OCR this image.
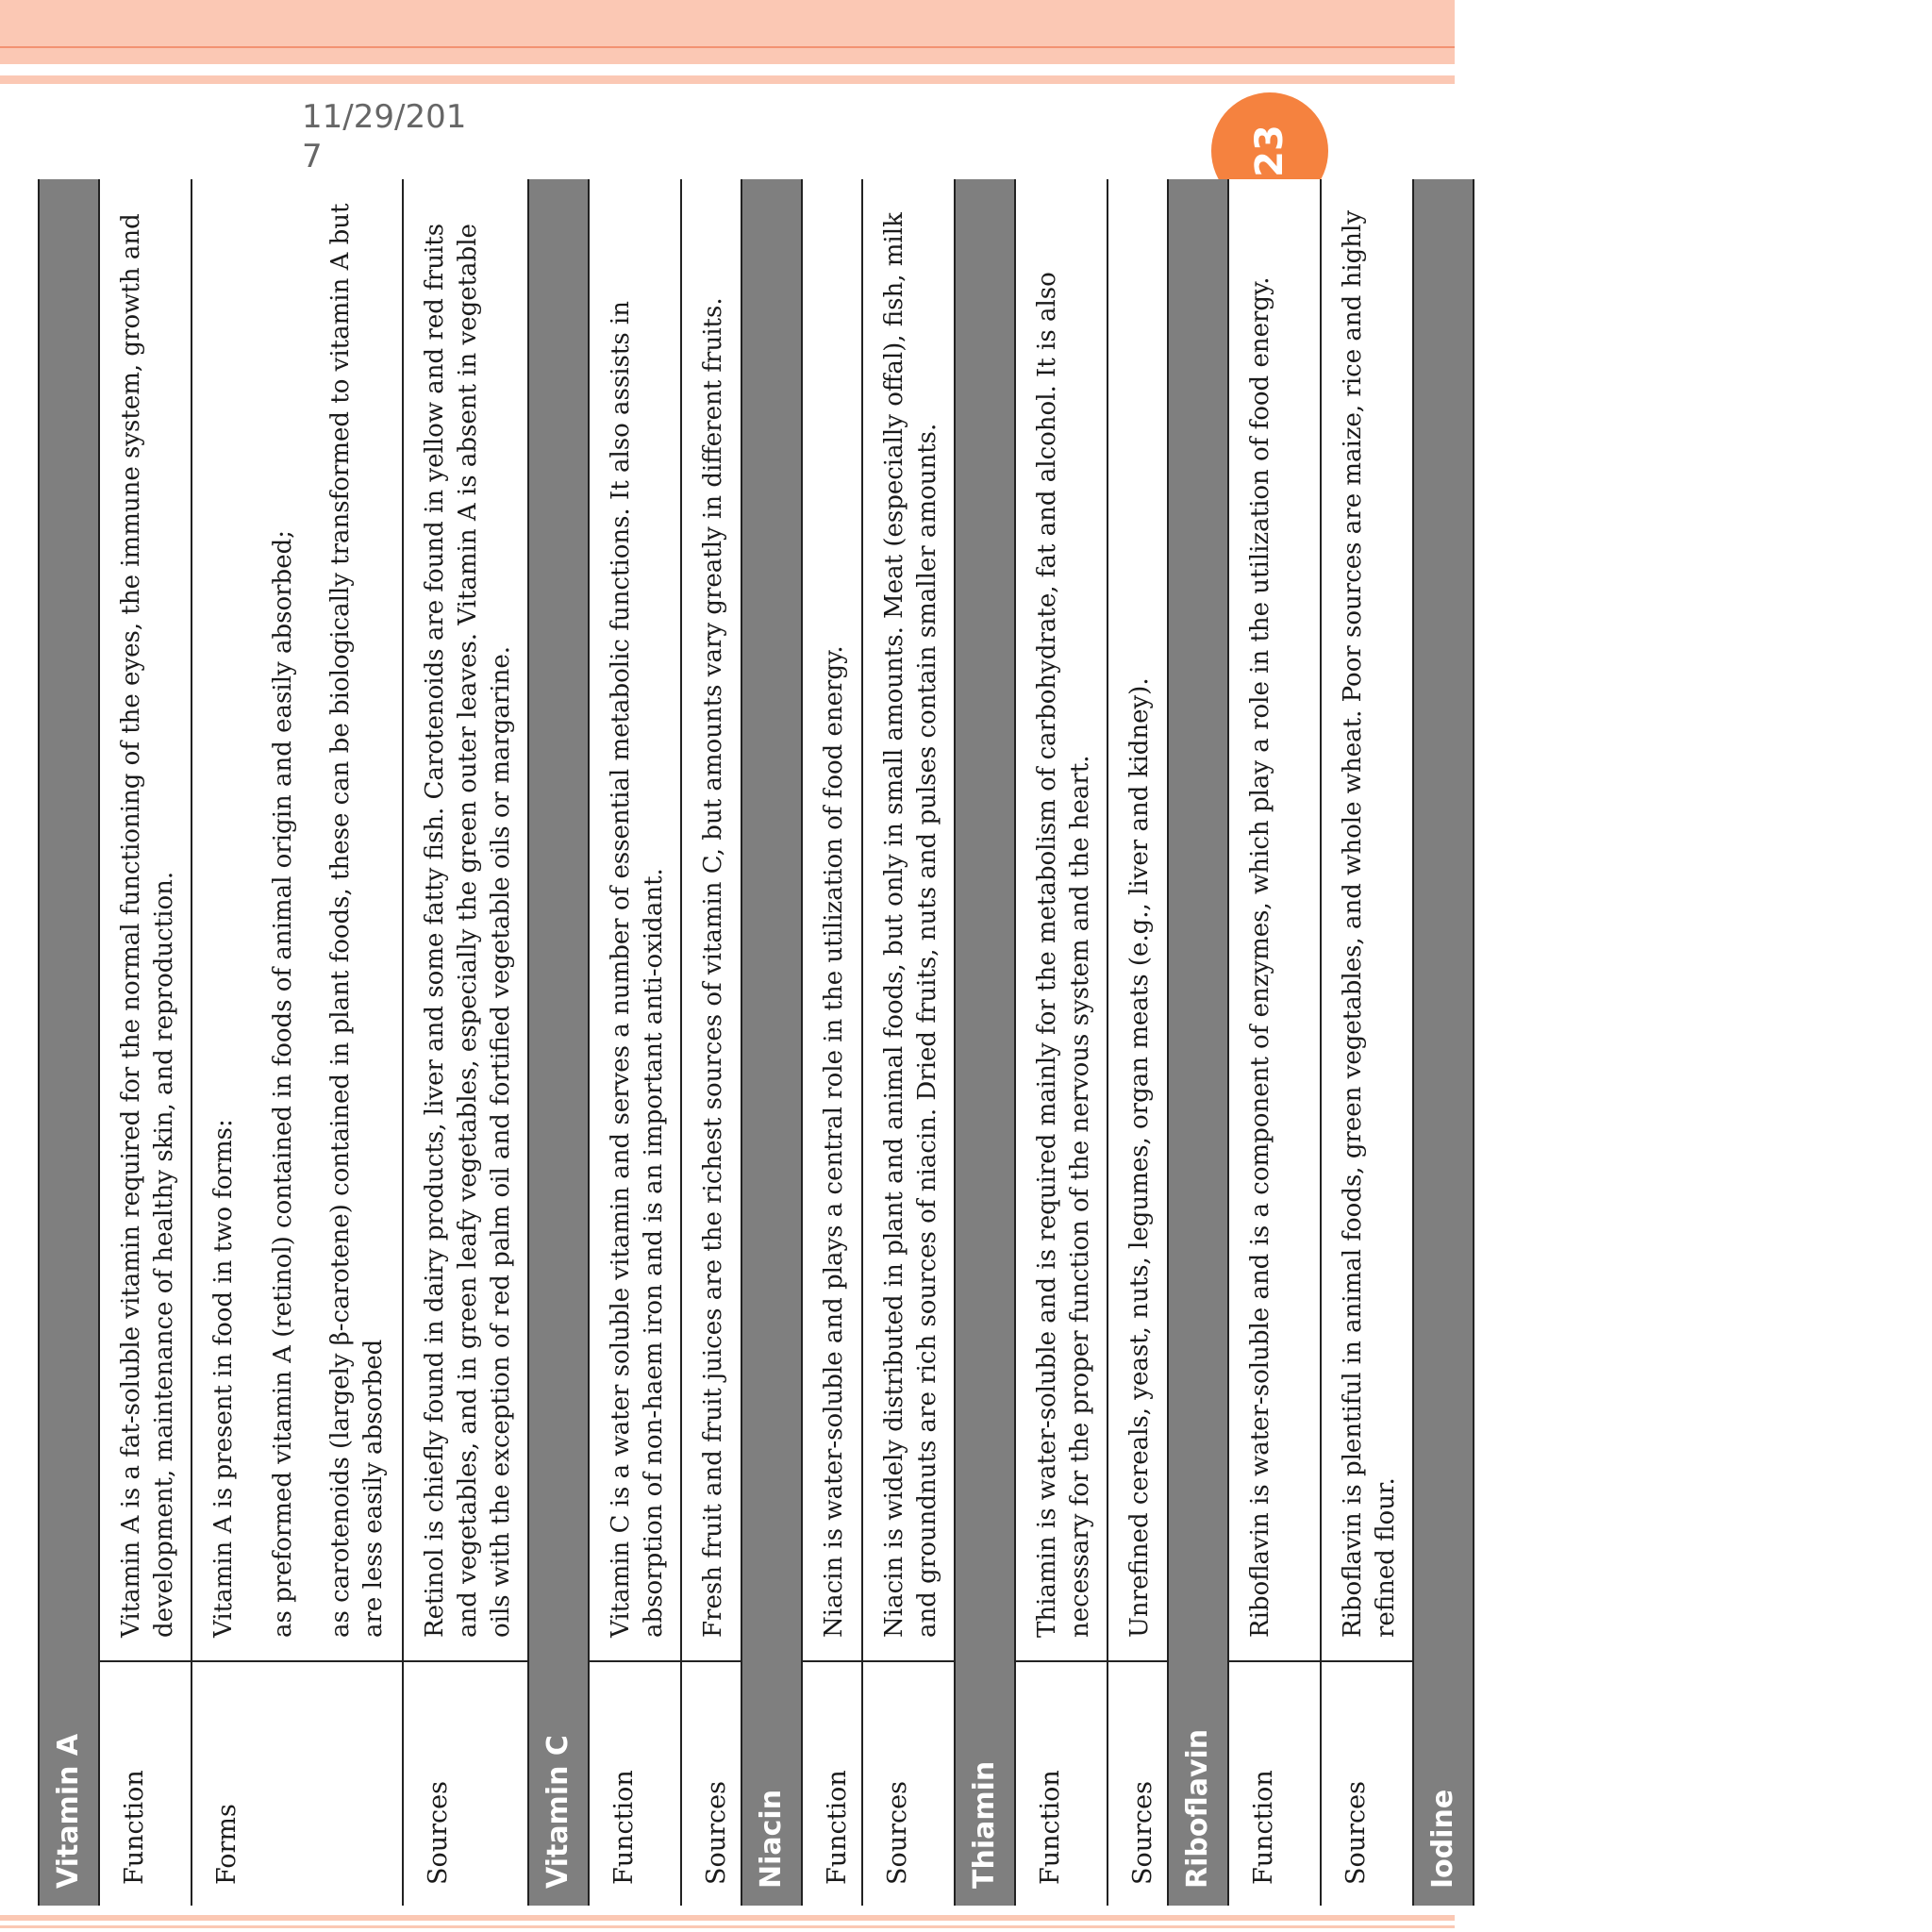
11/29/2017
Vitamin A	
Function	Vitamin A is a fat-soluble vitamin required for the normal functioning of the eyes, the immune system, growth and development, maintenance of healthy skin, and reproduction.
Forms	Vitamin A is present in food in two forms: as preformed vitamin A (retinol) contained in foods of animal origin and easily absorbed; as carotenoids (largely β-carotene) contained in plant foods, these can be biologically transformed to vitamin A but are less easily absorbed

Sources	Retinol is chiefly found in dairy products, liver and some fatty fish. Carotenoids are found in yellow and red fruits and vegetables, and in green leafy vegetables, especially the green outer leaves. Vitamin A is absent in vegetable oils with the exception of red palm oil and fortified vegetable oils or margarine.
Vitamin C	
Function	Vitamin C is a water soluble vitamin and serves a number of essential metabolic functions. It also assists in absorption of non-haem iron and is an important anti-oxidant.
Sources	Fresh fruit and fruit juices are the richest sources of vitamin C, but amounts vary greatly in different fruits.
Niacin	
Function	Niacin is water-soluble and plays a central role in the utilization of food energy.
Sources	Niacin is widely distributed in plant and animal foods, but only in small amounts. Meat (especially offal), fish, milk and groundnuts are rich sources of niacin. Dried fruits, nuts and pulses contain smaller amounts.
Thiamin	
Function	Thiamin is water-soluble and is required mainly for the metabolism of carbohydrate, fat and alcohol. It is also necessary for the proper function of the nervous system and the heart.
Sources	Unrefined cereals, yeast, nuts, legumes, organ meats (e.g., liver and kidney).
Riboflavin	
Function	Riboflavin is water-soluble and is a component of enzymes, which play a role in the utilization of food energy.
Sources	Riboflavin is plentiful in animal foods, green vegetables, and whole wheat. Poor sources are maize, rice and highly refined flour.
Iodine	
23
